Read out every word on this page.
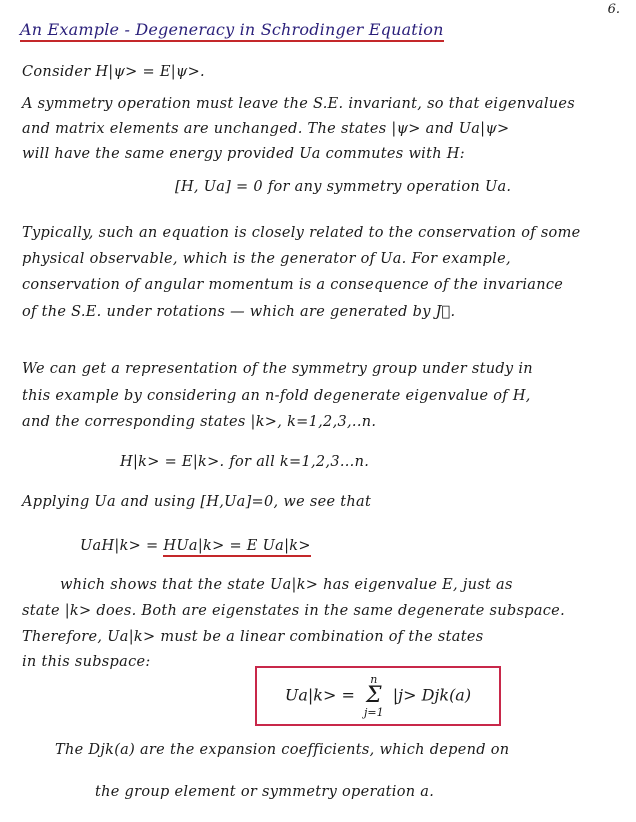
6.
An Example - Degeneracy in Schrodinger Equation
Consider H|ψ> = E|ψ>.
A symmetry operation must leave the S.E. invariant, so that eigenvalues
and matrix elements are unchanged. The states |ψ> and Ua|ψ>
will have the same energy provided Ua commutes with H:
[H, Ua] = 0 for any symmetry operation Ua.
Typically, such an equation is closely related to the conservation of some
physical observable, which is the generator of Ua. For example,
conservation of angular momentum is a consequence of the invariance
of the S.E. under rotations — which are generated by J⃗.
We can get a representation of the symmetry group under study in
this example by considering an n-fold degenerate eigenvalue of H,
and the corresponding states |k>, k=1,2,3,..n.
H|k> = E|k>. for all k=1,2,3...n.
Applying Ua and using [H,Ua]=0, we see that
UaH|k> = HUa|k> = E Ua|k>
which shows that the state Ua|k> has eigenvalue E, just as
state |k> does. Both are eigenstates in the same degenerate subspace.
Therefore, Ua|k> must be a linear combination of the states
in this subspace:
Ua|k> =
n
Σ
j=1
|j> Djk(a)
The Djk(a) are the expansion coefficients, which depend on
the group element or symmetry operation a.
